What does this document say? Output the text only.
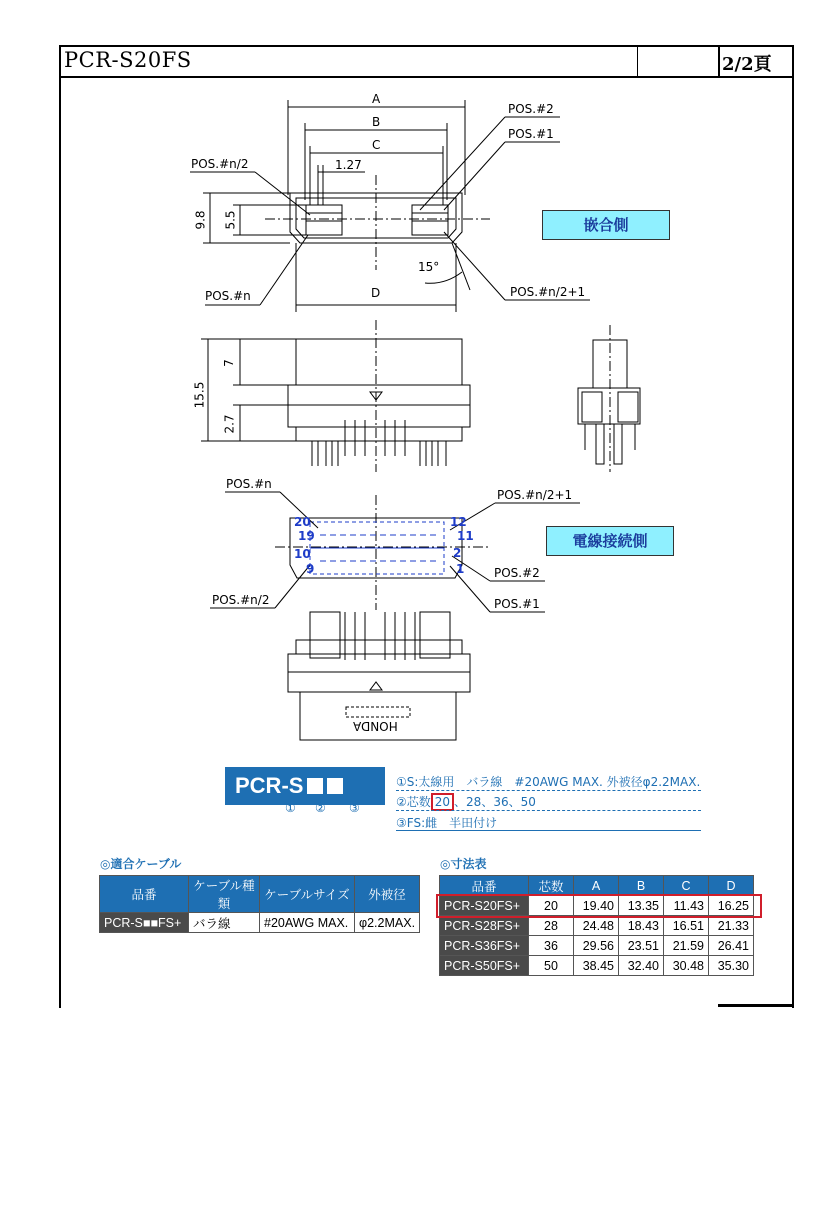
PCR-S20FS	2/2頁
A
B
C
1.27
D
15°
9.8 5.5
15.5
7
2.7
POS.#n/2
POS.#2
POS.#1
POS.#n	POS.#n/2+1
POS.#n
POS.#n/2+1
POS.#2
POS.#n/2	POS.#1
20
19
10
9
12
11
2
1
嵌合側
電線接続側
HONDA
PCR-SFS+
① ② ③
①S:太線用　バラ線　#20AWG MAX. 外被径φ2.2MAX.
②芯数 20 、28、36、50
③FS:雌　半田付け
◎適合ケーブル
品番	ケーブル種類	ケーブルサイズ	外被径
PCR-S■■FS+	バラ線	#20AWG MAX.	φ2.2MAX.
◎寸法表
品番	芯数	A	B	C	D
PCR-S20FS+	20	19.40	13.35	11.43	16.25
PCR-S28FS+	28	24.48	18.43	16.51	21.33
PCR-S36FS+	36	29.56	23.51	21.59	26.41
PCR-S50FS+	50	38.45	32.40	30.48	35.30
